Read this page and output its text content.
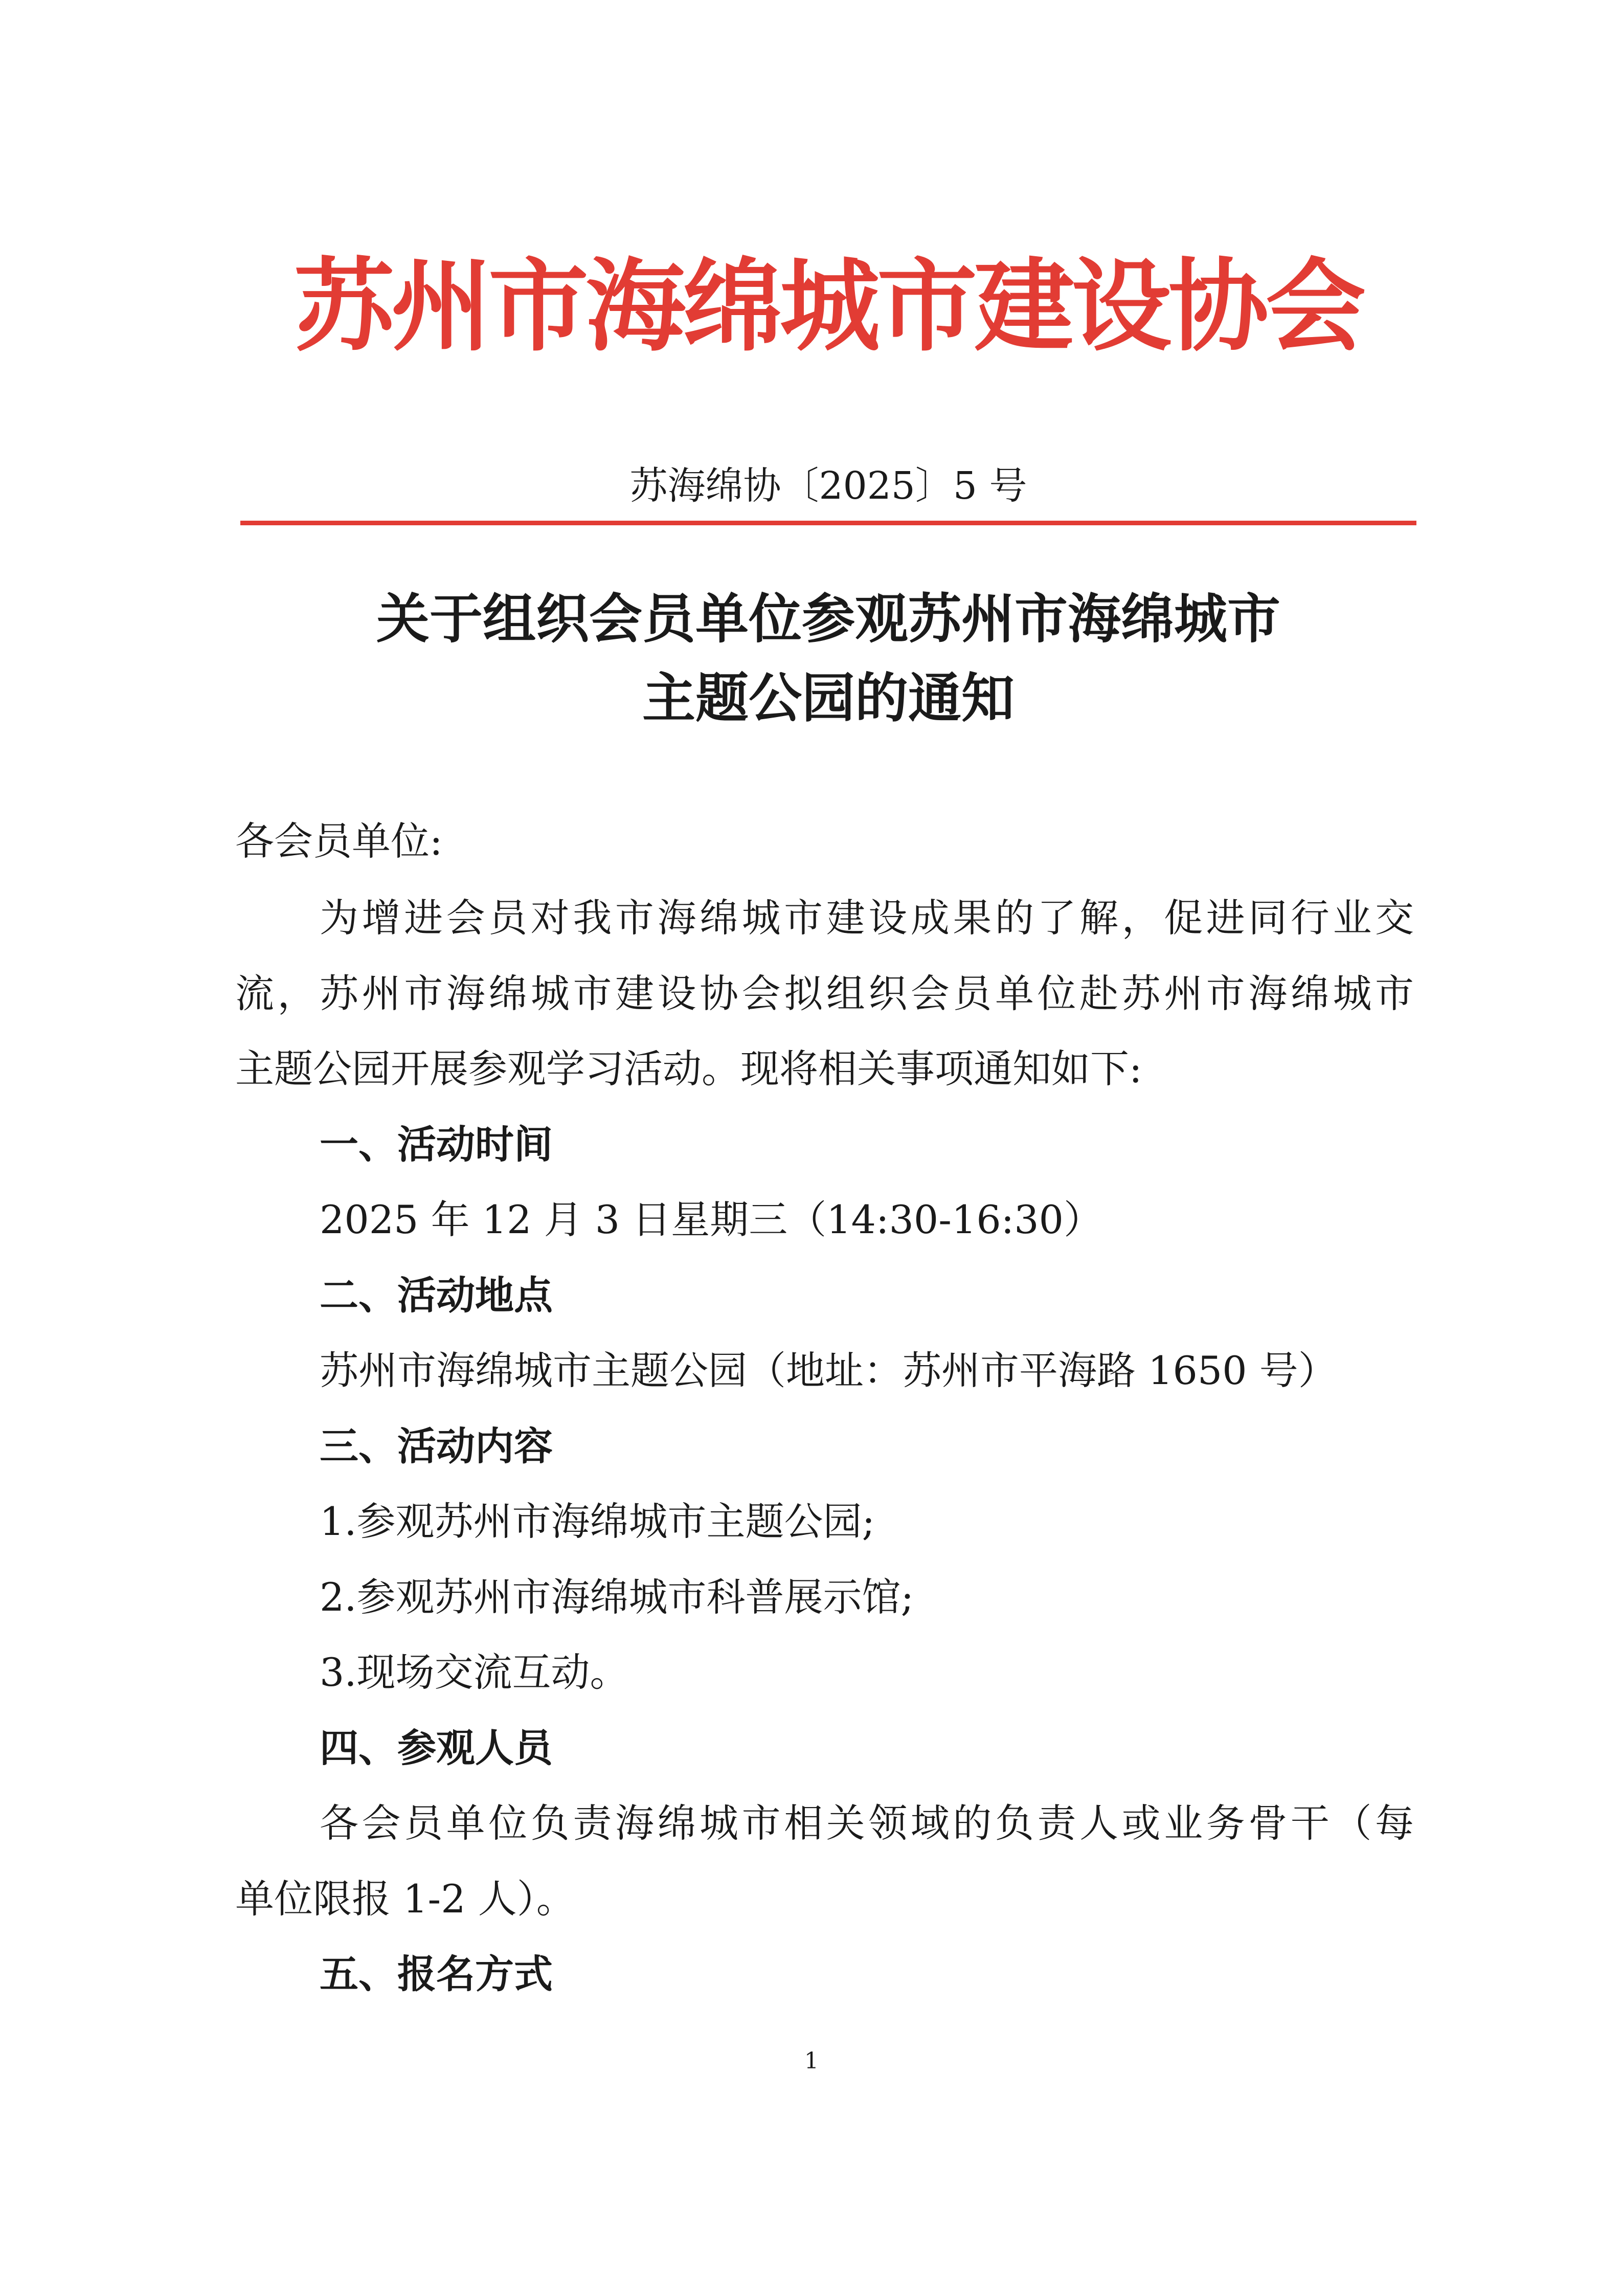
苏州市海绵城市建设协会
苏海绵协〔2025〕5 号
关于组织会员单位参观苏州市海绵城市
主题公园的通知
各会员单位:
为增进会员对我市海绵城市建设成果的了解，促进同行业交
流，苏州市海绵城市建设协会拟组织会员单位赴苏州市海绵城市
主题公园开展参观学习活动。现将相关事项通知如下:
一、活动时间
2025 年 12 月 3 日星期三（14:30-16:30）
二、活动地点
苏州市海绵城市主题公园（地址：苏州市平海路 1650 号）
三、活动内容
1.参观苏州市海绵城市主题公园;
2.参观苏州市海绵城市科普展示馆;
3.现场交流互动。
四、参观人员
各会员单位负责海绵城市相关领域的负责人或业务骨干（每
单位限报 1-2 人）。
五、报名方式
1
